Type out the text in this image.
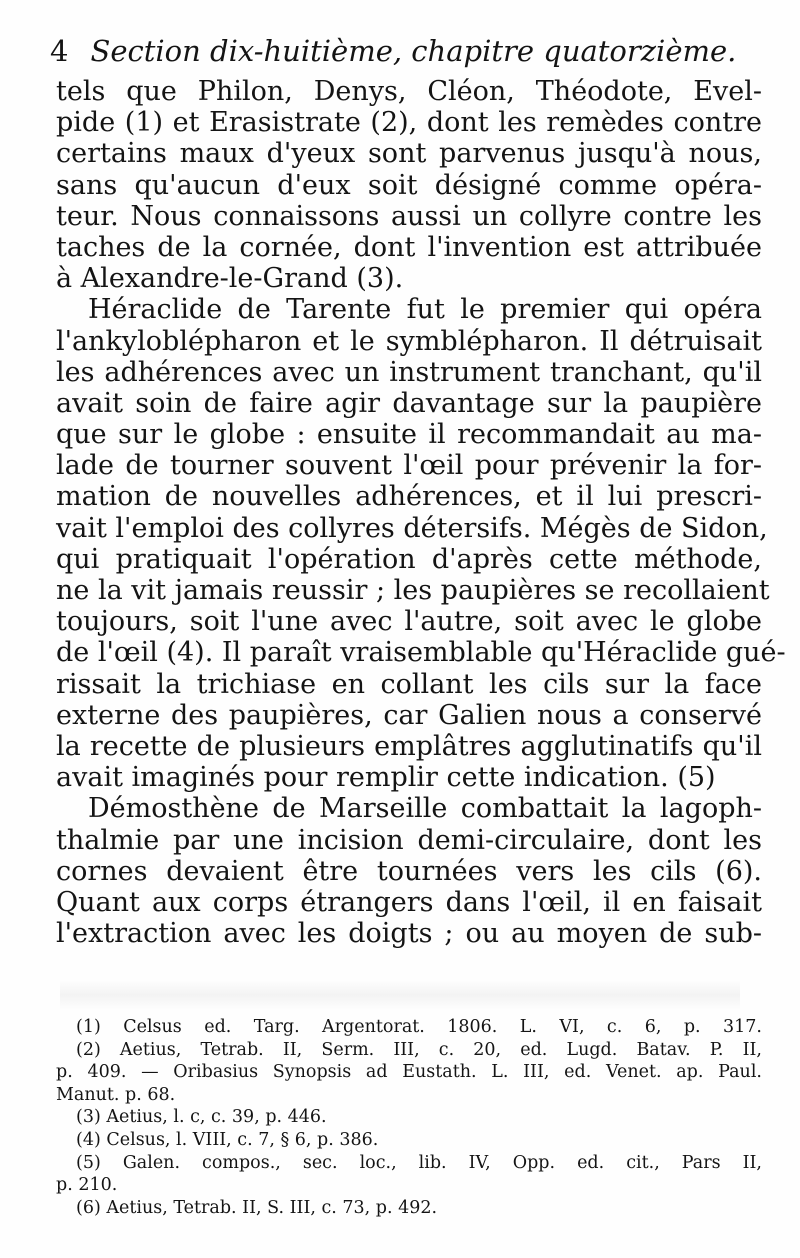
4 Section dix-huitième, chapitre quatorzième.
tels que Philon, Denys, Cléon, Théodote, Evel-
pide (1) et Erasistrate (2), dont les remèdes contre
certains maux d'yeux sont parvenus jusqu'à nous,
sans qu'aucun d'eux soit désigné comme opéra-
teur. Nous connaissons aussi un collyre contre les
taches de la cornée, dont l'invention est attribuée
à Alexandre-le-Grand (3).
Héraclide de Tarente fut le premier qui opéra
l'ankyloblépharon et le symblépharon. Il détruisait
les adhérences avec un instrument tranchant, qu'il
avait soin de faire agir davantage sur la paupière
que sur le globe : ensuite il recommandait au ma-
lade de tourner souvent l'œil pour prévenir la for-
mation de nouvelles adhérences, et il lui prescri-
vait l'emploi des collyres détersifs. Mégès de Sidon,
qui pratiquait l'opération d'après cette méthode,
ne la vit jamais reussir ; les paupières se recollaient
toujours, soit l'une avec l'autre, soit avec le globe
de l'œil (4). Il paraît vraisemblable qu'Héraclide gué-
rissait la trichiase en collant les cils sur la face
externe des paupières, car Galien nous a conservé
la recette de plusieurs emplâtres agglutinatifs qu'il
avait imaginés pour remplir cette indication. (5)
Démosthène de Marseille combattait la lagoph-
thalmie par une incision demi-circulaire, dont les
cornes devaient être tournées vers les cils (6).
Quant aux corps étrangers dans l'œil, il en faisait
l'extraction avec les doigts ; ou au moyen de sub-
(1) Celsus ed. Targ. Argentorat. 1806. L. VI, c. 6, p. 317.
(2) Aetius, Tetrab. II, Serm. III, c. 20, ed. Lugd. Batav. P. II,
p. 409. — Oribasius Synopsis ad Eustath. L. III, ed. Venet. ap. Paul.
Manut. p. 68.
(3) Aetius, l. c, c. 39, p. 446.
(4) Celsus, l. VIII, c. 7, § 6, p. 386.
(5) Galen. compos., sec. loc., lib. IV, Opp. ed. cit., Pars II,
p. 210.
(6) Aetius, Tetrab. II, S. III, c. 73, p. 492.
